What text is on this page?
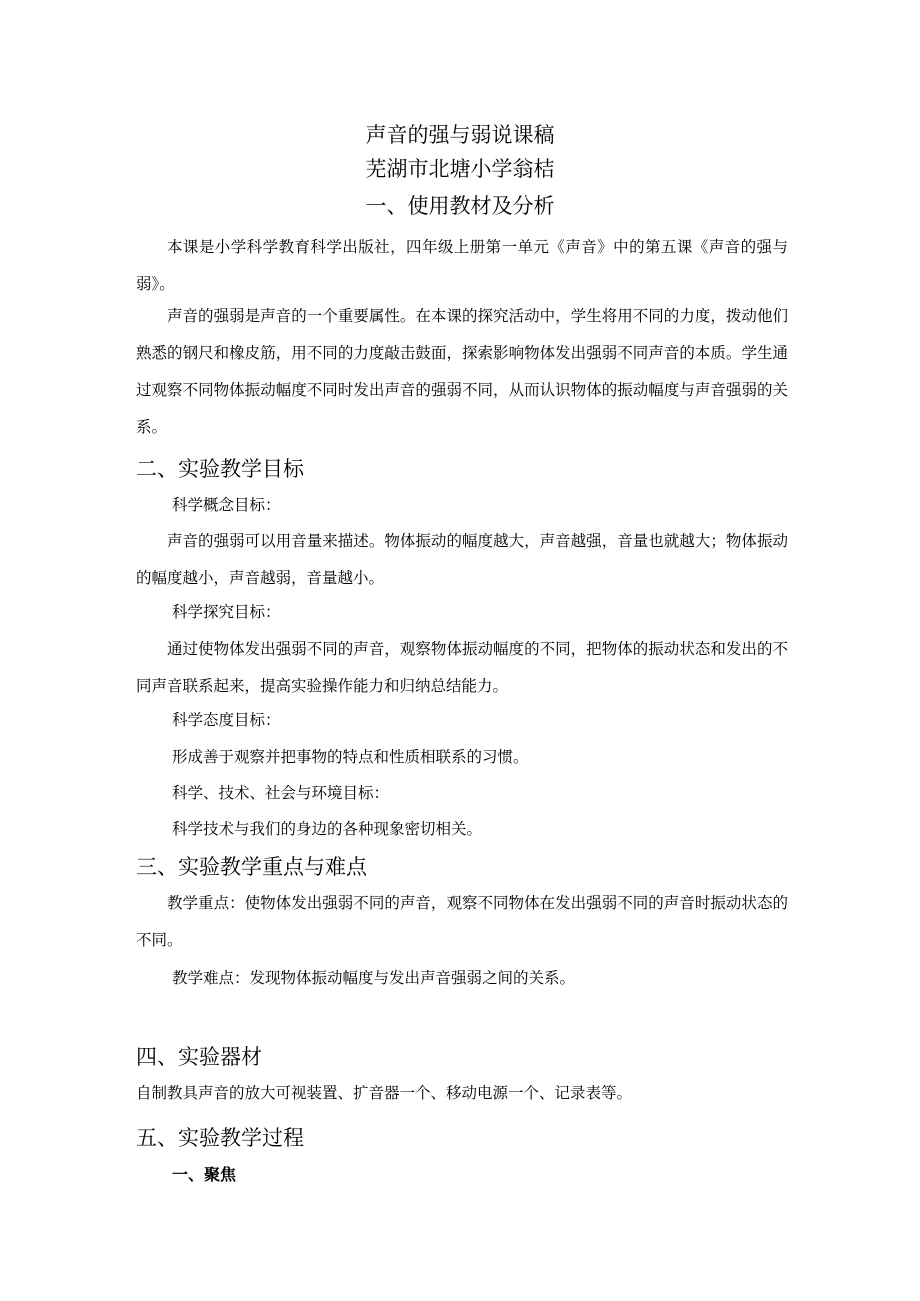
声音的强与弱说课稿
芜湖市北塘小学翁桔
一、使用教材及分析
本课是小学科学教育科学出版社，四年级上册第一单元《声音》中的第五课《声音的强与弱》。
声音的强弱是声音的一个重要属性。在本课的探究活动中，学生将用不同的力度，拨动他们熟悉的钢尺和橡皮筋，用不同的力度敲击鼓面，探索影响物体发出强弱不同声音的本质。学生通过观察不同物体振动幅度不同时发出声音的强弱不同，从而认识物体的振动幅度与声音强弱的关系。
二、实验教学目标
科学概念目标：
声音的强弱可以用音量来描述。物体振动的幅度越大，声音越强，音量也就越大；物体振动的幅度越小，声音越弱，音量越小。
科学探究目标：
通过使物体发出强弱不同的声音，观察物体振动幅度的不同，把物体的振动状态和发出的不同声音联系起来，提高实验操作能力和归纳总结能力。
科学态度目标：
形成善于观察并把事物的特点和性质相联系的习惯。
科学、技术、社会与环境目标：
科学技术与我们的身边的各种现象密切相关。
三、实验教学重点与难点
教学重点：使物体发出强弱不同的声音，观察不同物体在发出强弱不同的声音时振动状态的不同。
教学难点：发现物体振动幅度与发出声音强弱之间的关系。
四、实验器材
自制教具声音的放大可视装置、扩音器一个、移动电源一个、记录表等。
五、实验教学过程
一、聚焦
